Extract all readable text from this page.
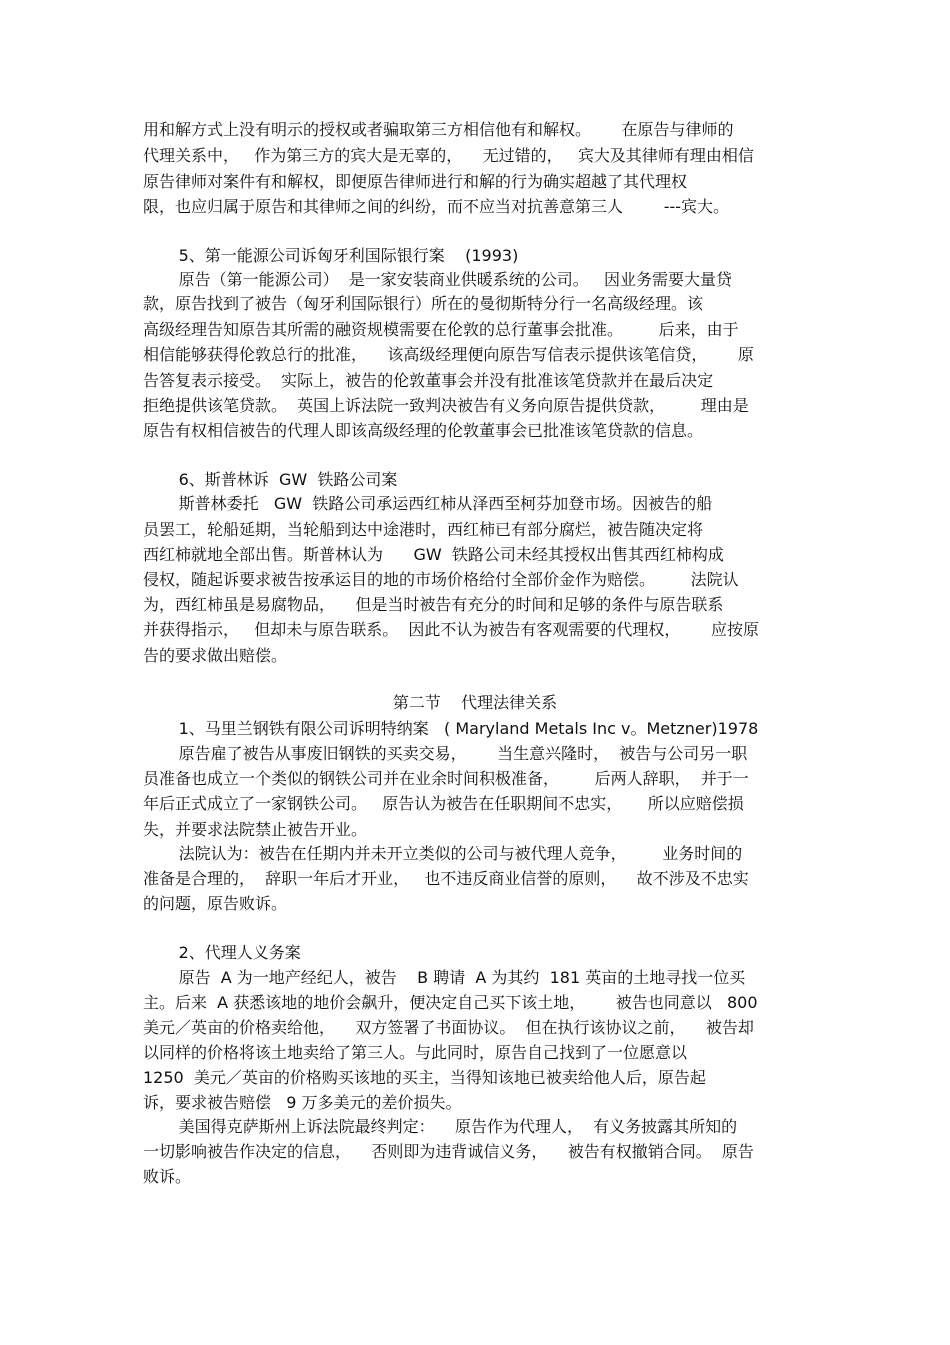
用和解方式上没有明示的授权或者骗取第三方相信他有和解权。      在原告与律师的

代理关系中，   作为第三方的宾大是无辜的，    无过错的，   宾大及其律师有理由相信

原告律师对案件有和解权，即便原告律师进行和解的行为确实超越了其代理权

限，也应归属于原告和其律师之间的纠纷，而不应当对抗善意第三人        ---宾大。

5、第一能源公司诉匈牙利国际银行案    (1993)

原告（第一能源公司）  是一家安装商业供暖系统的公司。   因业务需要大量贷

款，原告找到了被告（匈牙利国际银行）所在的曼彻斯特分行一名高级经理。该

高级经理告知原告其所需的融资规模需要在伦敦的总行董事会批准。       后来，由于

相信能够获得伦敦总行的批准，    该高级经理便向原告写信表示提供该笔信贷，      原

告答复表示接受。  实际上，被告的伦敦董事会并没有批准该笔贷款并在最后决定

拒绝提供该笔贷款。  英国上诉法院一致判决被告有义务向原告提供贷款，       理由是

原告有权相信被告的代理人即该高级经理的伦敦董事会已批准该笔贷款的信息。

6、斯普林诉  GW  铁路公司案

斯普林委托   GW  铁路公司承运西红柿从泽西至柯芬加登市场。因被告的船

员罢工，轮船延期，当轮船到达中途港时，西红柿已有部分腐烂，被告随决定将

西红柿就地全部出售。斯普林认为      GW  铁路公司未经其授权出售其西红柿构成

侵权，随起诉要求被告按承运目的地的市场价格给付全部价金作为赔偿。       法院认

为，西红柿虽是易腐物品，    但是当时被告有充分的时间和足够的条件与原告联系

并获得指示，   但却未与原告联系。  因此不认为被告有客观需要的代理权，      应按原

告的要求做出赔偿。

第二节    代理法律关系

1、马里兰钢铁有限公司诉明特纳案   ( Maryland Metals Inc v。Metzner)1978

原告雇了被告从事废旧钢铁的买卖交易，      当生意兴隆时，  被告与公司另一职

员准备也成立一个类似的钢铁公司并在业余时间积极准备，       后两人辞职，  并于一

年后正式成立了一家钢铁公司。   原告认为被告在任职期间不忠实，     所以应赔偿损

失，并要求法院禁止被告开业。

法院认为：被告在任期内并未开立类似的公司与被代理人竞争，       业务时间的

准备是合理的，  辞职一年后才开业，   也不违反商业信誉的原则，    故不涉及不忠实

的问题，原告败诉。

2、代理人义务案

原告  A 为一地产经纪人，被告    B 聘请  A 为其约  181 英亩的土地寻找一位买

主。后来  A 获悉该地的地价会飙升，便决定自己买下该土地，      被告也同意以   800

美元／英亩的价格卖给他，    双方签署了书面协议。  但在执行该协议之前，    被告却

以同样的价格将该土地卖给了第三人。与此同时，原告自己找到了一位愿意以

1250  美元／英亩的价格购买该地的买主，当得知该地已被卖给他人后，原告起

诉，要求被告赔偿   9 万多美元的差价损失。

美国得克萨斯州上诉法院最终判定：    原告作为代理人，  有义务披露其所知的

一切影响被告作决定的信息，    否则即为违背诚信义务，    被告有权撤销合同。  原告

败诉。
